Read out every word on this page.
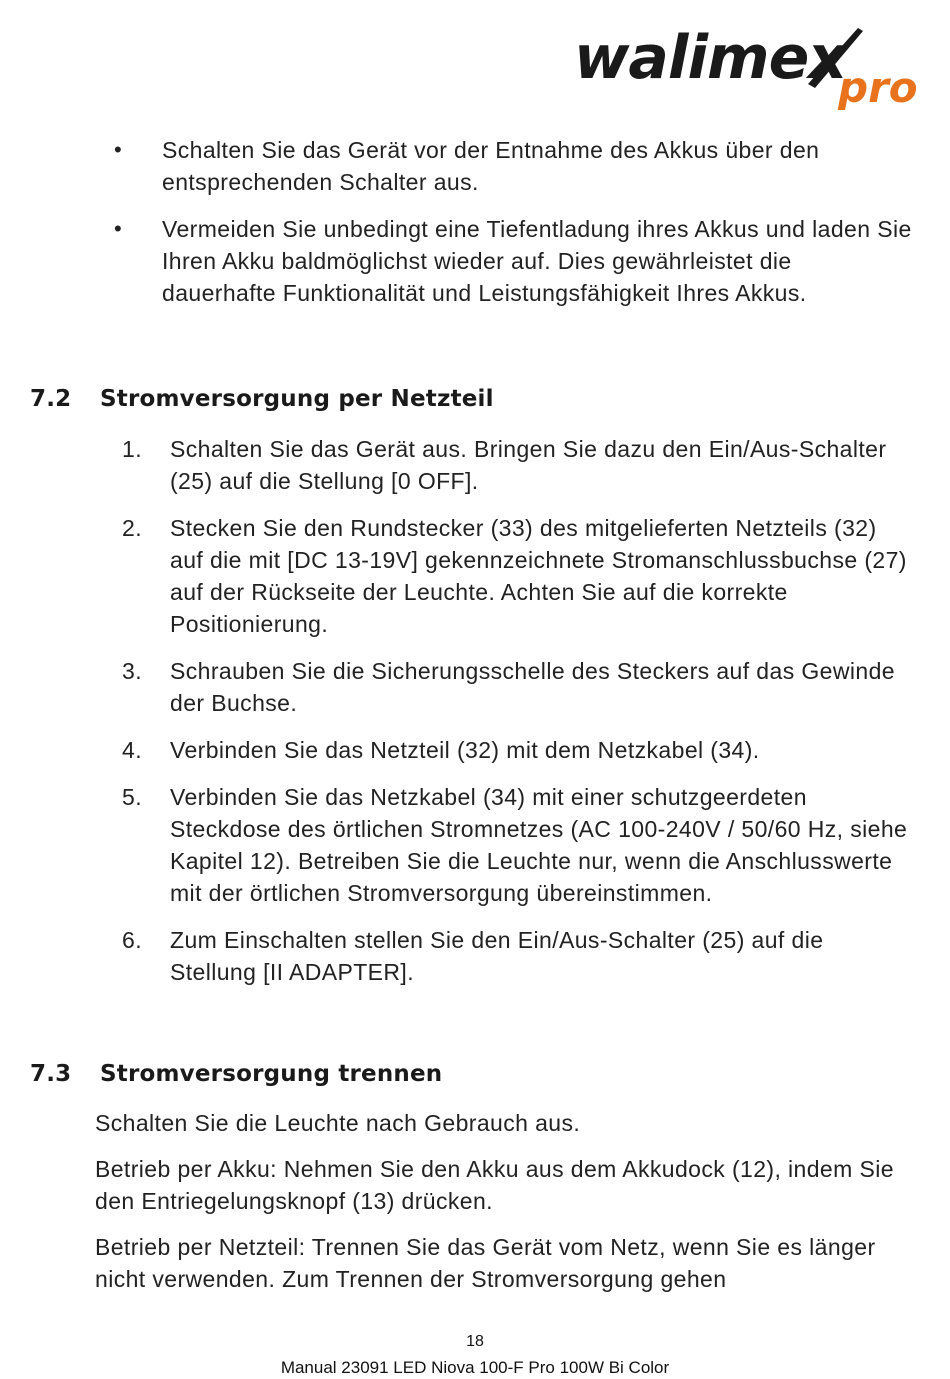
walimex
pro
• Schalten Sie das Gerät vor der Entnahme des Akkus über den entsprechenden Schalter aus.
• Vermeiden Sie unbedingt eine Tiefentladung ihres Akkus und laden Sie Ihren Akku baldmöglichst wieder auf. Dies gewährleistet die dauerhafte Funktionalität und Leistungsfähigkeit Ihres Akkus.
7.2 Stromversorgung per Netzteil
1. Schalten Sie das Gerät aus. Bringen Sie dazu den Ein/Aus-Schalter (25) auf die Stellung [0 OFF].
2. Stecken Sie den Rundstecker (33) des mitgelieferten Netzteils (32) auf die mit [DC 13-19V] gekennzeichnete Stromanschlussbuchse (27) auf der Rückseite der Leuchte. Achten Sie auf die korrekte Positionierung.
3. Schrauben Sie die Sicherungsschelle des Steckers auf das Gewinde der Buchse.
4. Verbinden Sie das Netzteil (32) mit dem Netzkabel (34).
5. Verbinden Sie das Netzkabel (34) mit einer schutzgeerdeten Steckdose des örtlichen Stromnetzes (AC 100-240V / 50/60 Hz, siehe Kapitel 12). Betreiben Sie die Leuchte nur, wenn die Anschlusswerte mit der örtlichen Stromversorgung übereinstimmen.
6. Zum Einschalten stellen Sie den Ein/Aus-Schalter (25) auf die Stellung [II ADAPTER].
7.3 Stromversorgung trennen

Schalten Sie die Leuchte nach Gebrauch aus.

Betrieb per Akku: Nehmen Sie den Akku aus dem Akkudock (12), indem Sie den Entriegelungsknopf (13) drücken.

Betrieb per Netzteil: Trennen Sie das Gerät vom Netz, wenn Sie es länger nicht verwenden. Zum Trennen der Stromversorgung gehen

18
Manual 23091 LED Niova 100-F Pro 100W Bi Color
